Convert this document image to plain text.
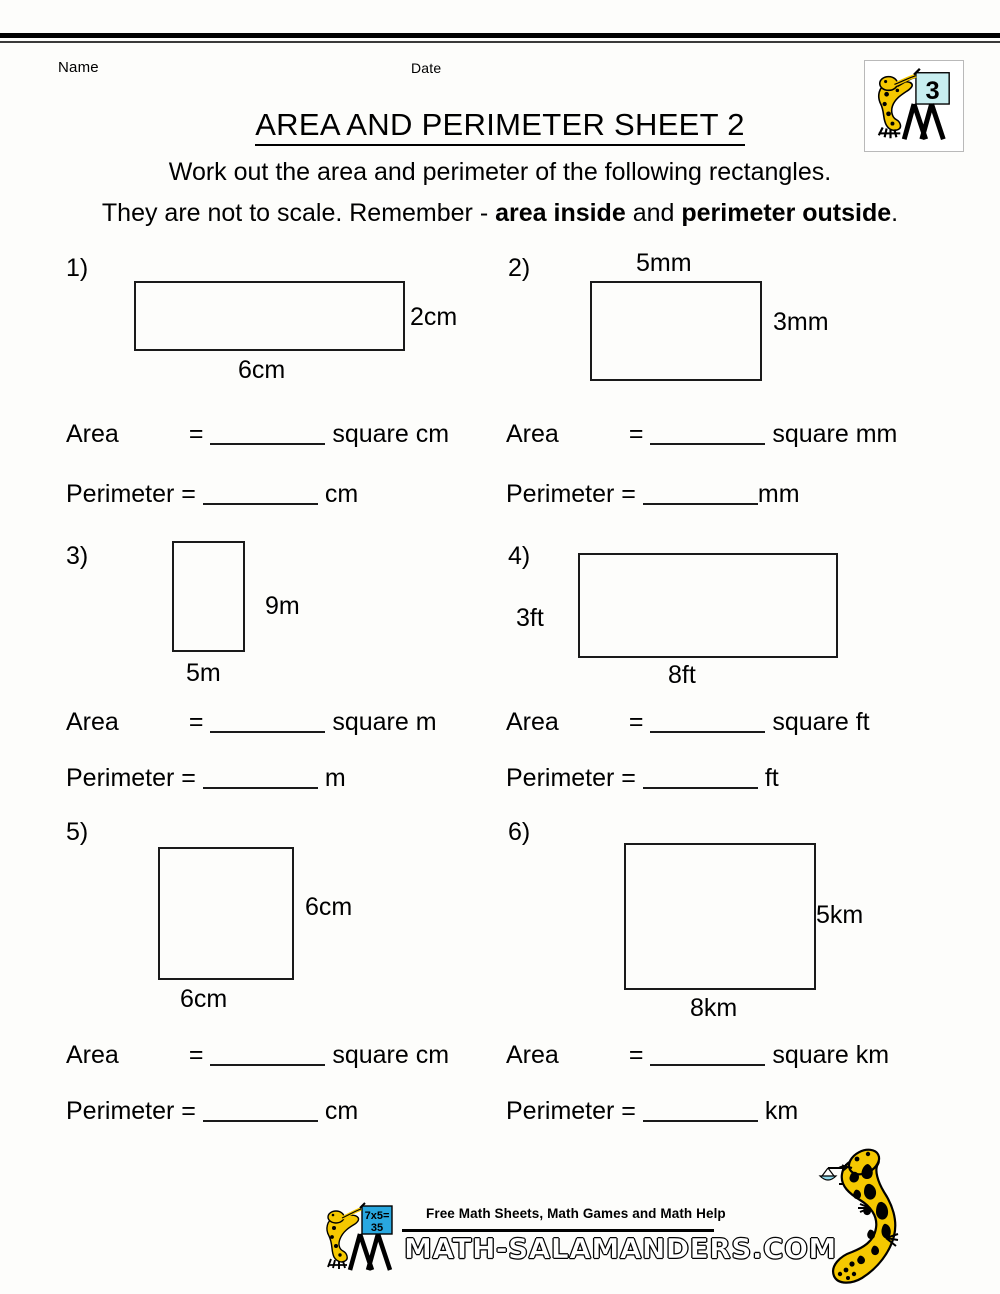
Name	Date
3
AREA AND PERIMETER SHEET 2
Work out the area and perimeter of the following rectangles.
They are not to scale. Remember - area inside and perimeter outside.
1)
2cm
6cm
Area	=	square cm
Perimeter =	cm
2)	5mm
3mm
Area	=	square mm
Perimeter =	mm
3)
9m
5m
Area	=	square m
Perimeter =	m
4)
3ft
8ft
Area	=	square ft
Perimeter =	ft
5)
6cm
6cm
Area	=	square cm
Perimeter =	cm
6)
5km
8km
Area	=	square km
Perimeter =	km
7x5=
35
Free Math Sheets, Math Games and Math Help
MATH-SALAMANDERS.COM
